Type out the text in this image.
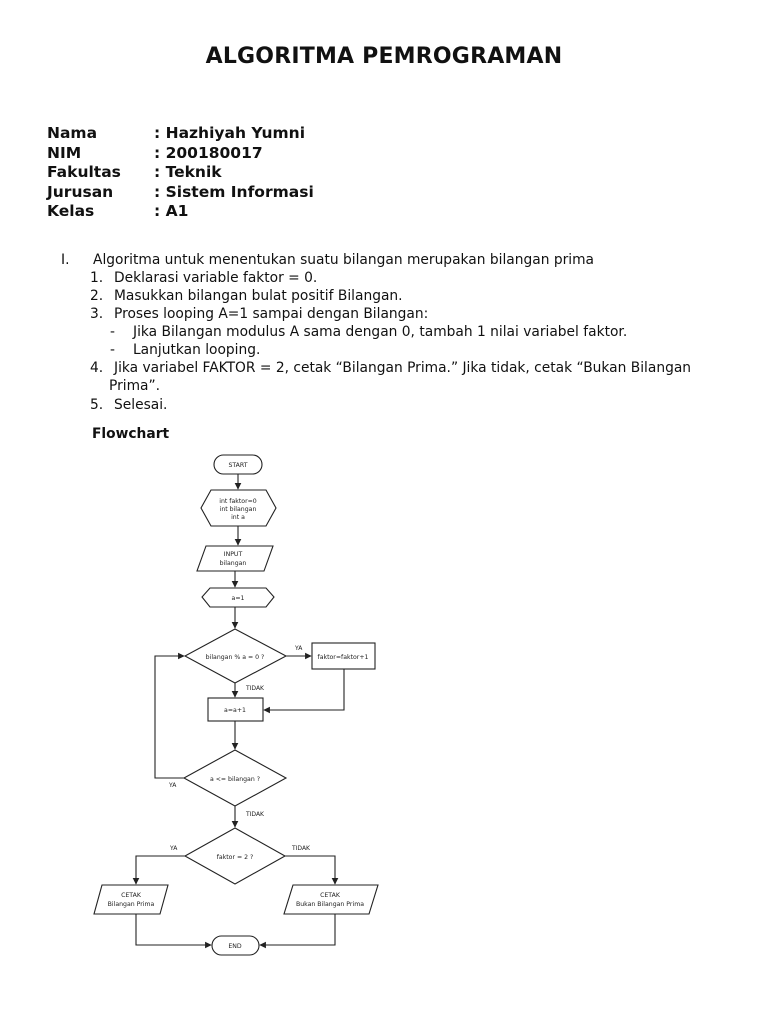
ALGORITMA PEMROGRAMAN
Nama	: Hazhiyah Yumni
NIM	: 200180017
Fakultas : Teknik
Jurusan	: Sistem Informasi
Kelas	: A1
I. Algoritma untuk menentukan suatu bilangan merupakan bilangan prima
1. Deklarasi variable faktor = 0.
2. Masukkan bilangan bulat positif Bilangan.
3. Proses looping A=1 sampai dengan Bilangan:
- Jika Bilangan modulus A sama dengan 0, tambah 1 nilai variabel faktor.
- Lanjutkan looping.
4. Jika variabel FAKTOR = 2, cetak “Bilangan Prima.” Jika tidak, cetak “Bukan Bilangan
Prima”.
5. Selesai.
Flowchart
START
int faktor=0
int bilangan
int a
INPUT
bilangan
a=1
bilangan % a = 0 ?	faktor=faktor+1
a=a+1
a <= bilangan ?
faktor = 2 ?
CETAK
Bilangan Prima
CETAK
Bukan Bilangan Prima
END
YA
TIDAK
YA
TIDAK
YA	TIDAK
